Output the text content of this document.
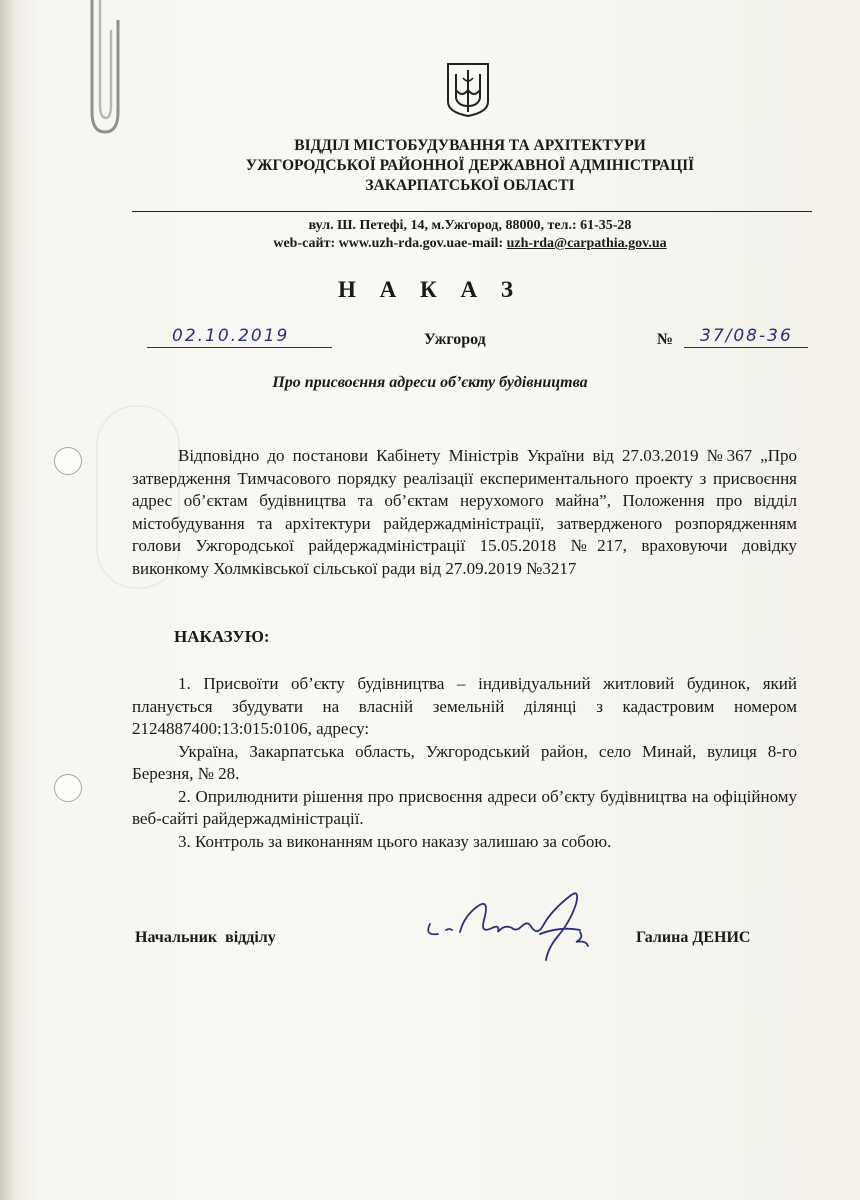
ВІДДІЛ МІСТОБУДУВАННЯ ТА АРХІТЕКТУРИ
УЖГОРОДСЬКОЇ РАЙОННОЇ ДЕРЖАВНОЇ АДМІНІСТРАЦІЇ
ЗАКАРПАТСЬКОЇ ОБЛАСТІ
вул. Ш. Петефі, 14, м.Ужгород, 88000, тел.: 61-35-28
web-сайт: www.uzh-rda.gov.uae-mail: uzh-rda@carpathia.gov.ua
Н А К А З
02.10.2019	Ужгород	№ 37/08-36
Про присвоєння адреси об’єкту будівництва
Відповідно до постанови Кабінету Міністрів України від 27.03.2019 №367 „Про затвердження Тимчасового порядку реалізації експериментального проекту з присвоєння адрес об’єктам будівництва та об’єктам нерухомого майна”, Положення про відділ містобудування та архітектури райдержадміністрації, затвердженого розпорядженням голови Ужгородської райдержадміністрації 15.05.2018 №217, враховуючи довідку виконкому Холмківської сільської ради від 27.09.2019 №3217
НАКАЗУЮ:

1. Присвоїти об’єкту будівництва – індивідуальний житловий будинок, який планується збудувати на власній земельній ділянці з кадастровим номером 2124887400:13:015:0106, адресу:

Україна, Закарпатська область, Ужгородський район, село Минай, вулиця 8-го Березня, № 28.

2. Оприлюднити рішення про присвоєння адреси об’єкту будівництва на офіційному веб-сайті райдержадміністрації.

3. Контроль за виконанням цього наказу залишаю за собою.

Начальник відділу	Галина ДЕНИС
